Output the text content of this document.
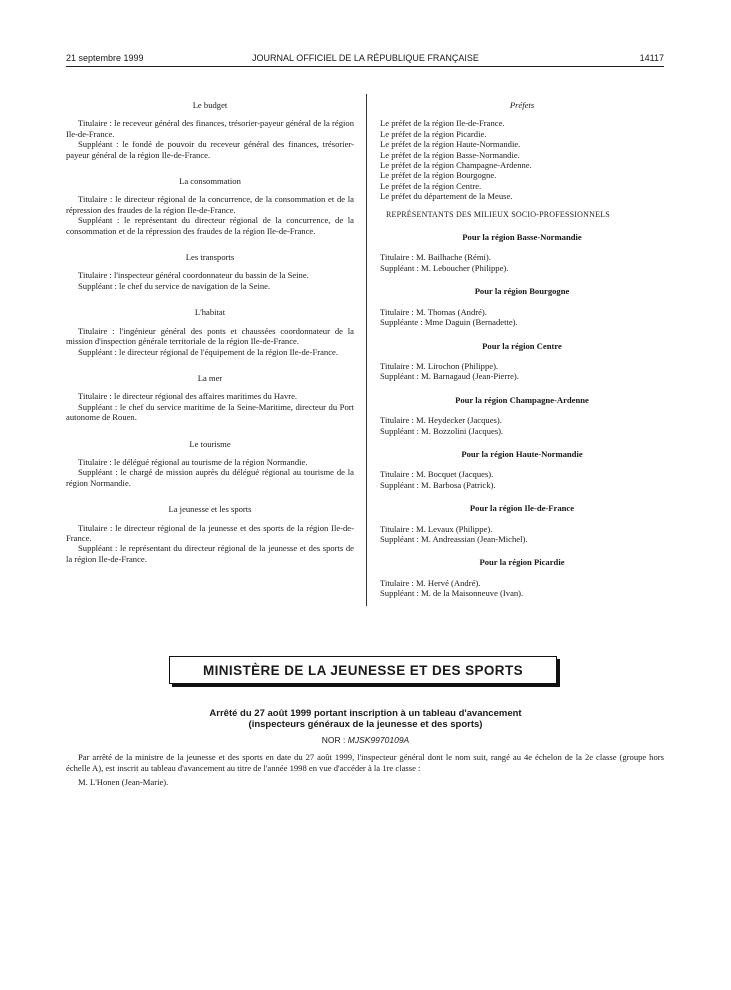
21 septembre 1999	JOURNAL OFFICIEL DE LA RÉPUBLIQUE FRANÇAISE	14117

Le budget

Titulaire : le receveur général des finances, trésorier-payeur général de la région Ile-de-France.

Suppléant : le fondé de pouvoir du receveur général des finances, trésorier-payeur général de la région Ile-de-France.

La consommation

Titulaire : le directeur régional de la concurrence, de la consommation et de la répression des fraudes de la région Ile-de-France.

Suppléant : le représentant du directeur régional de la concurrence, de la consommation et de la répression des fraudes de la région Ile-de-France.

Les transports

Titulaire : l'inspecteur général coordonnateur du bassin de la Seine.

Suppléant : le chef du service de navigation de la Seine.

L'habitat

Titulaire : l'ingénieur général des ponts et chaussées coordonnateur de la mission d'inspection générale territoriale de la région Ile-de-France.

Suppléant : le directeur régional de l'équipement de la région Ile-de-France.

La mer

Titulaire : le directeur régional des affaires maritimes du Havre.

Suppléant : le chef du service maritime de la Seine-Maritime, directeur du Port autonome de Rouen.

Le tourisme

Titulaire : le délégué régional au tourisme de la région Normandie.

Suppléant : le chargé de mission auprès du délégué régional au tourisme de la région Normandie.

La jeunesse et les sports

Titulaire : le directeur régional de la jeunesse et des sports de la région Ile-de-France.

Suppléant : le représentant du directeur régional de la jeunesse et des sports de la région Ile-de-France.

Préfets

Le préfet de la région Ile-de-France.

Le préfet de la région Picardie.

Le préfet de la région Haute-Normandie.

Le préfet de la région Basse-Normandie.

Le préfet de la région Champagne-Ardenne.

Le préfet de la région Bourgogne.

Le préfet de la région Centre.

Le préfet du département de la Meuse.

REPRÉSENTANTS DES MILIEUX SOCIO-PROFESSIONNELS

Pour la région Basse-Normandie

Titulaire : M. Bailhache (Rémi).

Suppléant : M. Leboucher (Philippe).

Pour la région Bourgogne

Titulaire : M. Thomas (André).

Suppléante : Mme Daguin (Bernadette).

Pour la région Centre

Titulaire : M. Lirochon (Philippe).

Suppléant : M. Barnagaud (Jean-Pierre).

Pour la région Champagne-Ardenne

Titulaire : M. Heydecker (Jacques).

Suppléant : M. Bozzolini (Jacques).

Pour la région Haute-Normandie

Titulaire : M. Bocquet (Jacques).

Suppléant : M. Barbosa (Patrick).

Pour la région Ile-de-France

Titulaire : M. Levaux (Philippe).

Suppléant : M. Andreassian (Jean-Michel).

Pour la région Picardie

Titulaire : M. Hervé (André).

Suppléant : M. de la Maisonneuve (Ivan).

MINISTÈRE DE LA JEUNESSE ET DES SPORTS
Arrêté du 27 août 1999 portant inscription à un tableau d'avancement
(inspecteurs généraux de la jeunesse et des sports)
NOR : MJSK9970109A

Par arrêté de la ministre de la jeunesse et des sports en date du 27 août 1999, l'inspecteur général dont le nom suit, rangé au 4e échelon de la 2e classe (groupe hors échelle A), est inscrit au tableau d'avancement au titre de l'année 1998 en vue d'accéder à la 1re classe :

M. L'Honen (Jean-Marie).
